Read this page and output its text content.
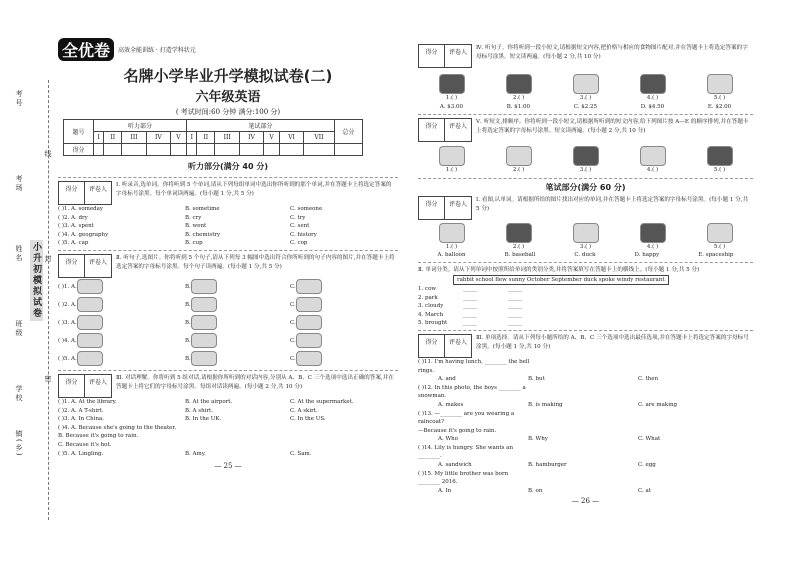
考号
考场
姓名
班级
学校
镇(乡)
小升初模拟试卷
线
封
密
全优卷	高效全能训练 · 打造学科状元
名牌小学毕业升学模拟试卷(二)
六年级英语
( 考试时间:60 分钟 满分:100 分)
题号	听力部分					笔试部分							总分
	I	II	III	IV	V	I	II	III	IV	V	VI	VII	
得分													
听力部分(满分 40 分)
得分	评卷人
Ⅰ. 听录音,选单词。你将听到 5 个单词,请从下列每组单词中选出你所听到的那个单词,并在答题卡上将选定答案的字母标号涂黑。每个单词读两遍。(每小题 1 分,共 5 分)
( )1. A. someday	B. sometime	C. someone
( )2. A. dry	B. cry	C. try
( )3. A. spent	B. went	C. sent
( )4. A. geography	B. chemistry	C. history
( )5. A. cap	B. cup	C. cop
得分	评卷人
Ⅱ. 听句子,选图片。你将听到 5 个句子,请从下列每 3 幅图中选出符合你所听到的句子内容的图片,并在答题卡上将选定答案的字母标号涂黑。每个句子读两遍。(每小题 1 分,共 5 分)
( )1. A.	B.	C.
( )2. A.	B.	C.
( )3. A.	B.	C.
( )4. A.	B.	C.
( )5. A.	B.	C.
得分	评卷人
Ⅲ. 对话理解。你将听到 5 组对话,请根据你所听到的对话内容,分别从 A、B、C 三个选项中选出正确的答案,并在答题卡上将它们的字母标号涂黑。每组对话读两遍。(每小题 2 分,共 10 分)
( )1. A. At the library.	B. At the airport.	C. At the supermarket.
( )2. A. A T-shirt.	B. A shirt.	C. A skirt.
( )3. A. In China.	B. In the UK.	C. In the US.
( )4. A. Because she's going to the theater.
B. Because it's going to rain.
C. Because it's hot.
( )5. A. Lingling.	B. Amy.	C. Sam.
— 25 —
得分	评卷人
Ⅳ. 听句子。你将听到一段小短文,请根据短文内容,把价格与相应的食物图片配对,并在答题卡上将选定答案的字母标号涂黑。短文读两遍。(每小题 2 分,共 10 分)
1.( )	2.( )	3.( )	4.( )	5.( )
A. $3.00	B. $1.00	C. $2.25	D. $4.50	E. $2.00
得分	评卷人
Ⅴ. 听短文,排顺序。你将听到一段小短文,请根据所听到的短文内容,给下列图片按 A—E 的顺序排列,并在答题卡上将选定答案的字母标号涂黑。短文读两遍。(每小题 2 分,共 10 分)
1.( )	2.( )	3.( )	4.( )	5.( )
笔试部分(满分 60 分)
得分	评卷人
Ⅰ. 看图,认单词。请根据所给的图片找出对应的单词,并在答题卡上将选定答案的字母标号涂黑。(每小题 1 分,共 5 分)
1.( )	2.( )	3.( )	4.( )	5.( )
A. balloon	B. baseball	C. duck	D. happy	E. spaceship
Ⅱ. 单词分类。请从下列单词中按照所给单词的类别分类,并将答案填写在答题卡上的横线上。(每小题 1 分,共 5 分)
rabbit school flew sunny October September duck spoke windy restaurant
1. cow	_____	_____
2. park	_____	_____
3. cloudy	_____	_____
4. March	_____	_____
5. brought	_____	_____
得分	评卷人
Ⅲ. 单项选择。请从下列每小题所给的 A、B、C 三个选项中选出最佳选项,并在答题卡上将选定答案的字母标号涂黑。(每小题 1 分,共 10 分)
( )11. I'm having lunch, ________ the bell rings.
A. and	B. but	C. then
( )12. In this photo, the boys ________ a snowman.
A. makes	B. is making	C. are making
( )13. —________ are you wearing a raincoat?
—Because it's going to rain.
A. Who	B. Why	C. What
( )14. Lily is hungry. She wants an ________.
A. sandwich	B. hamburger	C. egg
( )15. My little brother was born ________ 2016.
A. In	B. on	C. at
— 26 —
